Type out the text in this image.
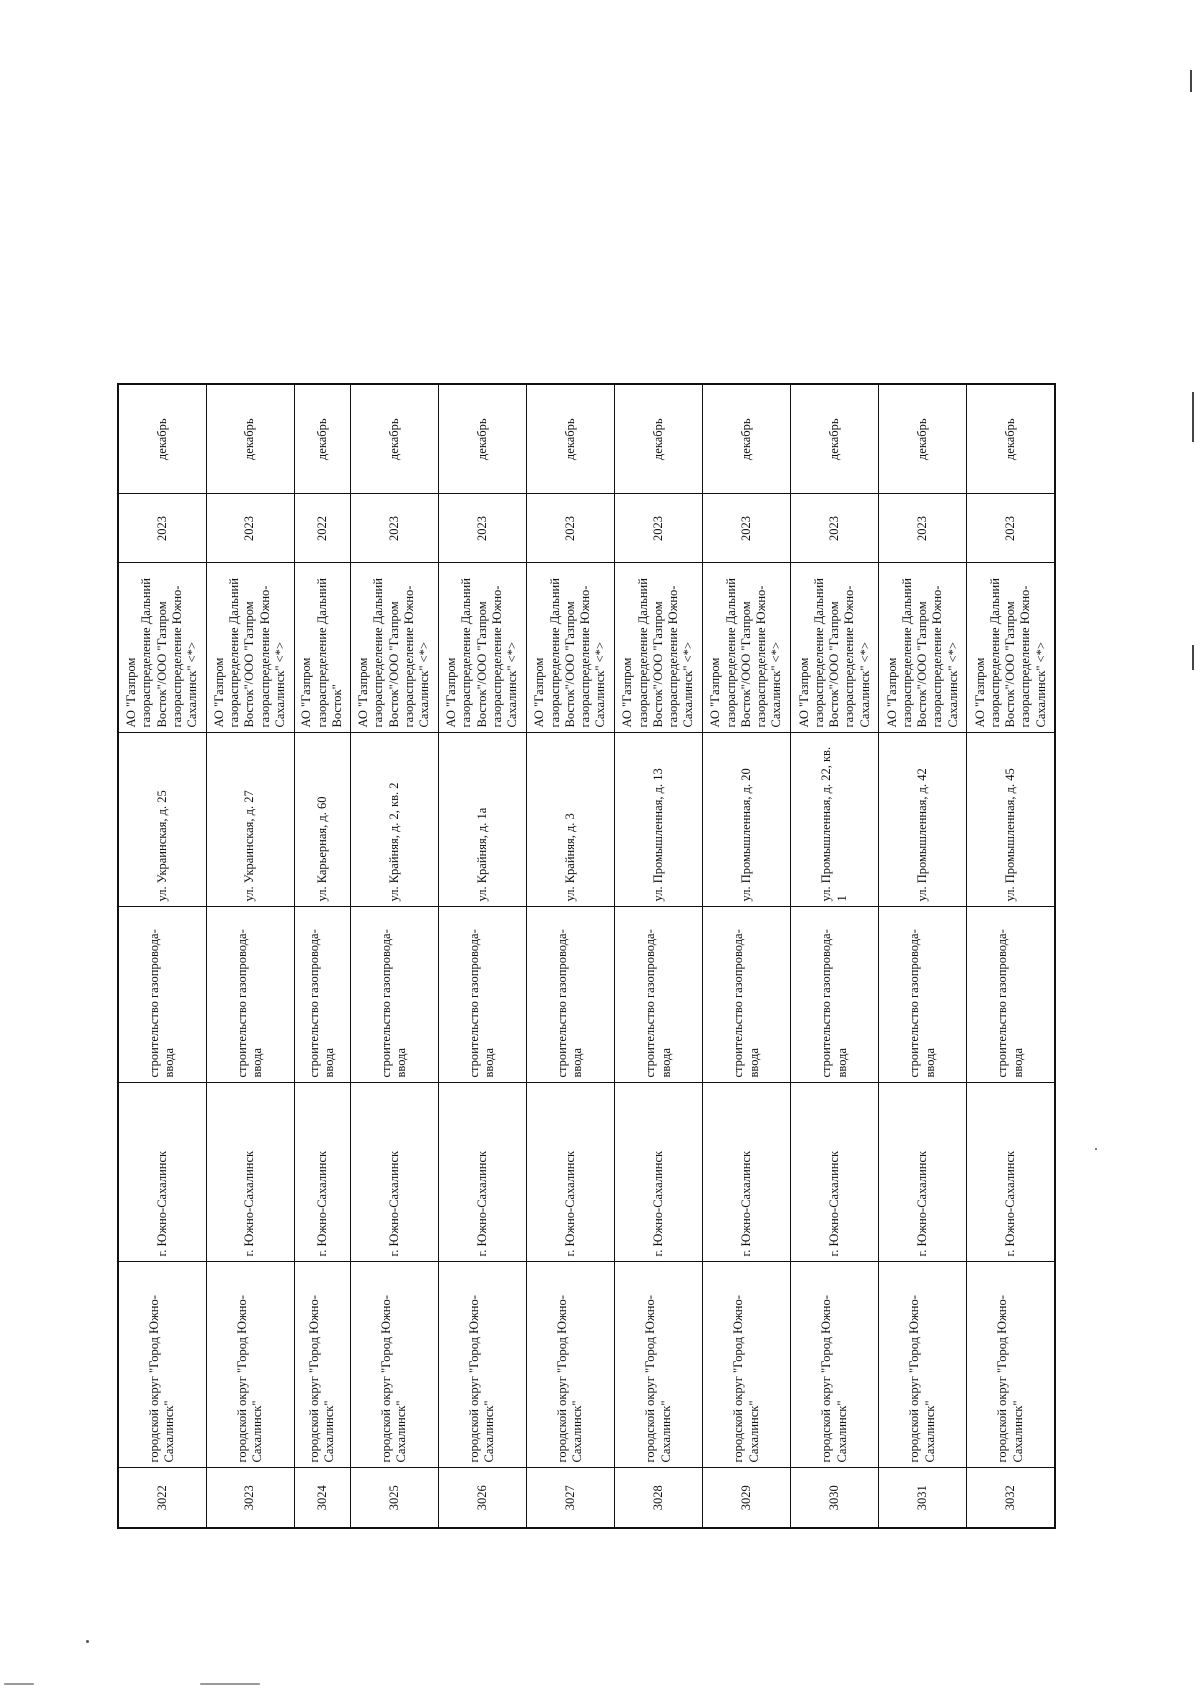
3022	городской округ "Город Южно-Сахалинск"	г. Южно-Сахалинск	строительство газопровода-ввода	ул. Украинская, д. 25	АО "Газпром газораспределение Дальний Восток"/ООО "Газпром газораспределение Южно-Сахалинск" <*>	2023	декабрь
3023	городской округ "Город Южно-Сахалинск"	г. Южно-Сахалинск	строительство газопровода-ввода	ул. Украинская, д. 27	АО "Газпром газораспределение Дальний Восток"/ООО "Газпром газораспределение Южно-Сахалинск" <*>	2023	декабрь
3024	городской округ "Город Южно-Сахалинск"	г. Южно-Сахалинск	строительство газопровода-ввода	ул. Карьерная, д. 60	АО "Газпром газораспределение Дальний Восток"	2022	декабрь
3025	городской округ "Город Южно-Сахалинск"	г. Южно-Сахалинск	строительство газопровода-ввода	ул. Крайняя, д. 2, кв. 2	АО "Газпром газораспределение Дальний Восток"/ООО "Газпром газораспределение Южно-Сахалинск" <*>	2023	декабрь
3026	городской округ "Город Южно-Сахалинск"	г. Южно-Сахалинск	строительство газопровода-ввода	ул. Крайняя, д. 1а	АО "Газпром газораспределение Дальний Восток"/ООО "Газпром газораспределение Южно-Сахалинск" <*>	2023	декабрь
3027	городской округ "Город Южно-Сахалинск"	г. Южно-Сахалинск	строительство газопровода-ввода	ул. Крайняя, д. 3	АО "Газпром газораспределение Дальний Восток"/ООО "Газпром газораспределение Южно-Сахалинск" <*>	2023	декабрь
3028	городской округ "Город Южно-Сахалинск"	г. Южно-Сахалинск	строительство газопровода-ввода	ул. Промышленная, д. 13	АО "Газпром газораспределение Дальний Восток"/ООО "Газпром газораспределение Южно-Сахалинск" <*>	2023	декабрь
3029	городской округ "Город Южно-Сахалинск"	г. Южно-Сахалинск	строительство газопровода-ввода	ул. Промышленная, д. 20	АО "Газпром газораспределение Дальний Восток"/ООО "Газпром газораспределение Южно-Сахалинск" <*>	2023	декабрь
3030	городской округ "Город Южно-Сахалинск"	г. Южно-Сахалинск	строительство газопровода-ввода	ул. Промышленная, д. 22, кв. 1	АО "Газпром газораспределение Дальний Восток"/ООО "Газпром газораспределение Южно-Сахалинск" <*>	2023	декабрь
3031	городской округ "Город Южно-Сахалинск"	г. Южно-Сахалинск	строительство газопровода-ввода	ул. Промышленная, д. 42	АО "Газпром газораспределение Дальний Восток"/ООО "Газпром газораспределение Южно-Сахалинск" <*>	2023	декабрь
3032	городской округ "Город Южно-Сахалинск"	г. Южно-Сахалинск	строительство газопровода-ввода	ул. Промышленная, д. 45	АО "Газпром газораспределение Дальний Восток"/ООО "Газпром газораспределение Южно-Сахалинск" <*>	2023	декабрь
